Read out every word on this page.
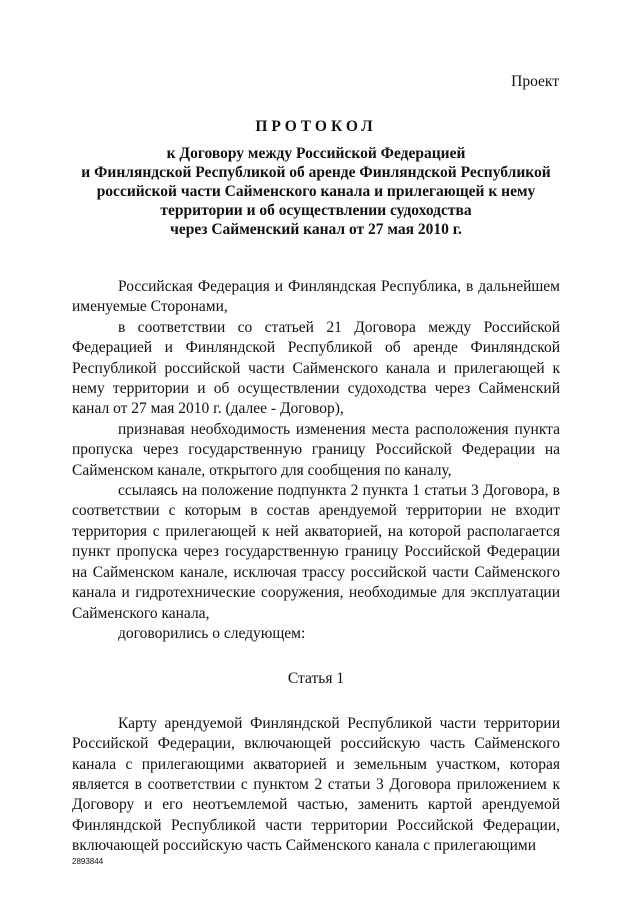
Проект
ПРОТОКОЛ
к Договору между Российской Федерацией
и Финляндской Республикой об аренде Финляндской Республикой
российской части Сайменского канала и прилегающей к нему
территории и об осуществлении судоходства
через Сайменский канал от 27 мая 2010 г.

Российская Федерация и Финляндская Республика, в дальнейшем именуемые Сторонами,

в соответствии со статьей 21 Договора между Российской Федерацией и Финляндской Республикой об аренде Финляндской Республикой российской части Сайменского канала и прилегающей к нему территории и об осуществлении судоходства через Сайменский канал от 27 мая 2010 г. (далее - Договор),

признавая необходимость изменения места расположения пункта пропуска через государственную границу Российской Федерации на Сайменском канале, открытого для сообщения по каналу,

ссылаясь на положение подпункта 2 пункта 1 статьи 3 Договора, в соответствии с которым в состав арендуемой территории не входит территория с прилегающей к ней акваторией, на которой располагается пункт пропуска через государственную границу Российской Федерации на Сайменском канале, исключая трассу российской части Сайменского канала и гидротехнические сооружения, необходимые для эксплуатации Сайменского канала,

договорились о следующем:

Статья 1

Карту арендуемой Финляндской Республикой части территории Российской Федерации, включающей российскую часть Сайменского канала с прилегающими акваторией и земельным участком, которая является в соответствии с пунктом 2 статьи 3 Договора приложением к Договору и его неотъемлемой частью, заменить картой арендуемой Финляндской Республикой части территории Российской Федерации, включающей российскую часть Сайменского канала с прилегающими

2893844
